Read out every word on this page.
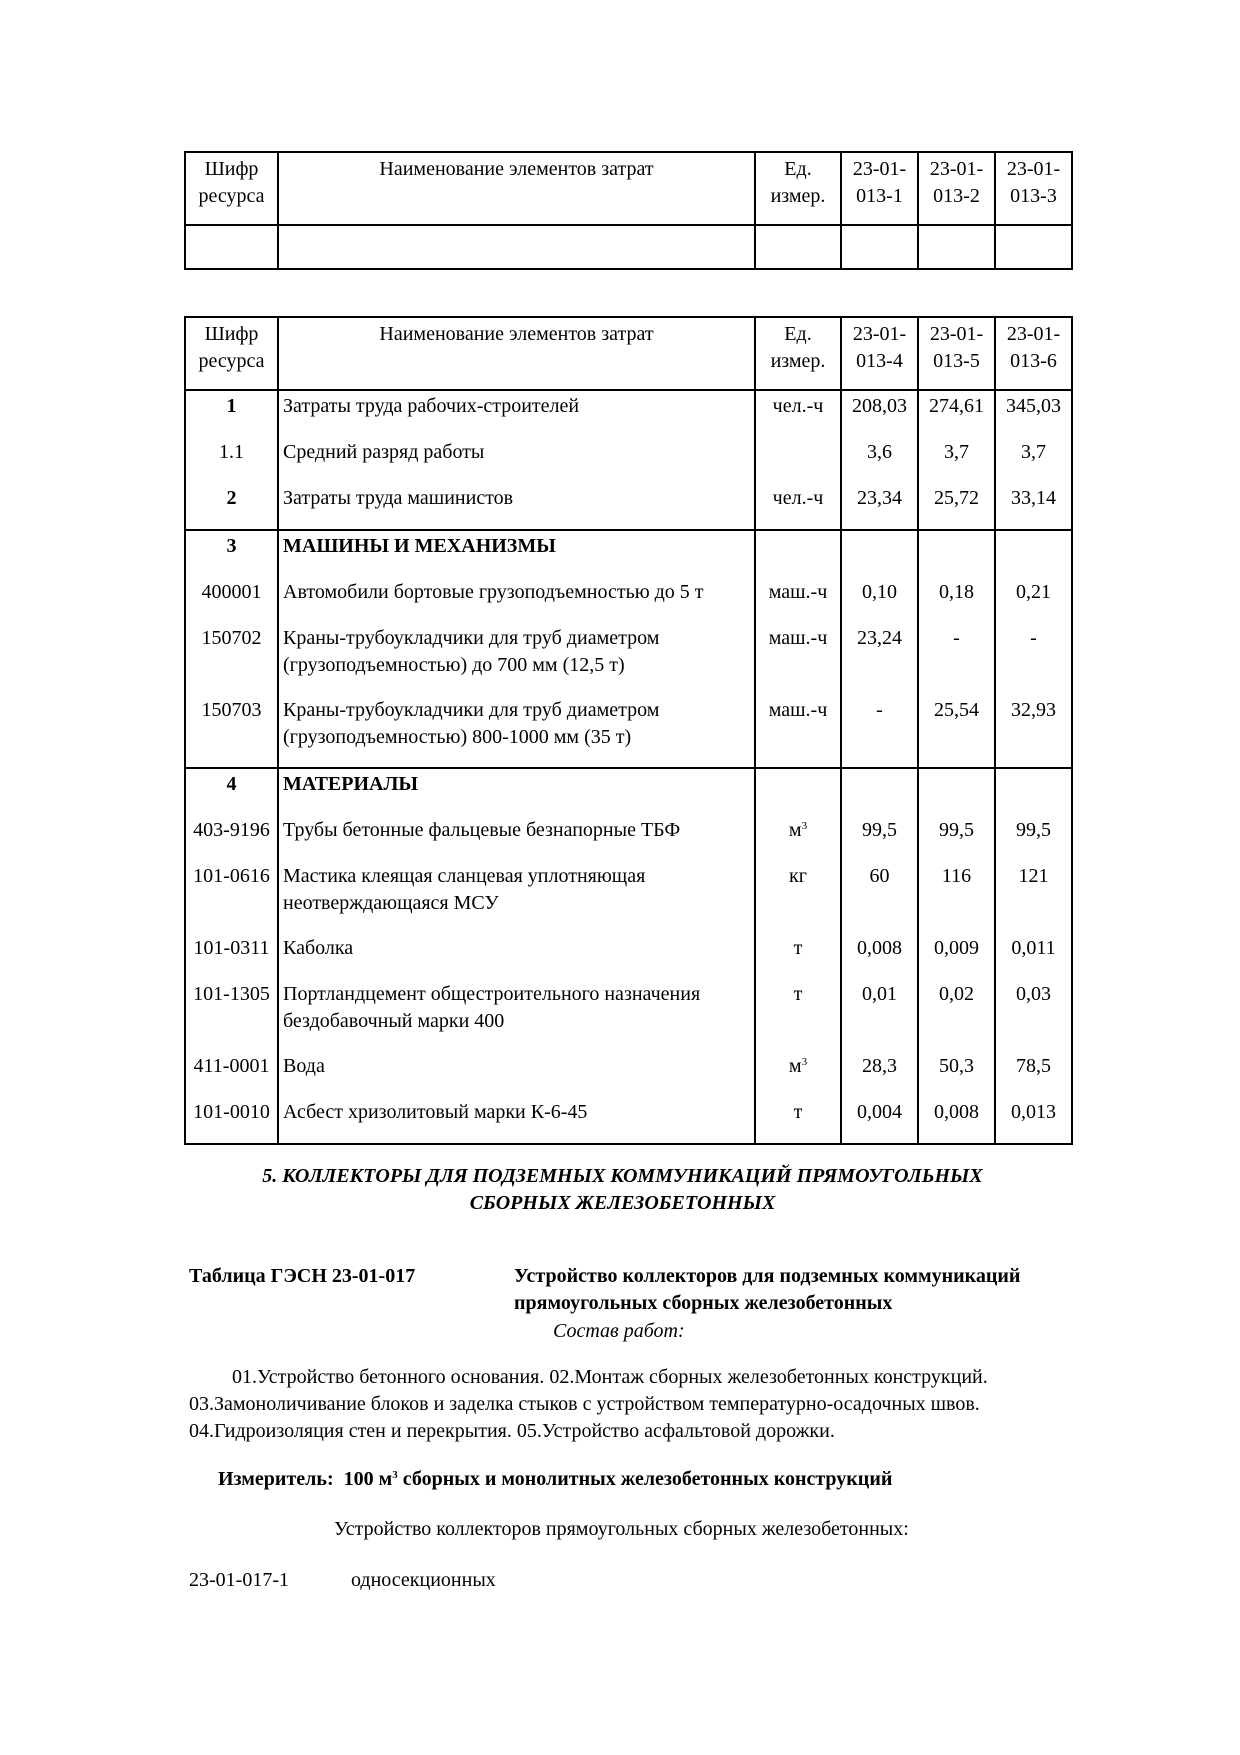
Шифр ресурса	Наименование элементов затрат	Ед. измер.	23-01-013-1	23-01-013-2	23-01-013-3

Шифр ресурса	Наименование элементов затрат	Ед. измер.	23-01-013-4	23-01-013-5	23-01-013-6
1	Затраты труда рабочих-строителей	чел.-ч	208,03	274,61	345,03
1.1	Средний разряд работы		3,6	3,7	3,7
2	Затраты труда машинистов	чел.-ч	23,34	25,72	33,14
3	МАШИНЫ И МЕХАНИЗМЫ				
400001	Автомобили бортовые грузоподъемностью до 5 т	маш.-ч	0,10	0,18	0,21
150702	Краны-трубоукладчики для труб диаметром (грузоподъемностью) до 700 мм (12,5 т)	маш.-ч	23,24	-	-
150703	Краны-трубоукладчики для труб диаметром (грузоподъемностью) 800-1000 мм (35 т)	маш.-ч	-	25,54	32,93
4	МАТЕРИАЛЫ				
403-9196	Трубы бетонные фальцевые безнапорные ТБФ	$м^3$	99,5	99,5	99,5
101-0616	Мастика клеящая сланцевая уплотняющая неотверждающаяся МСУ	кг	60	116	121
101-0311	Каболка	т	0,008	0,009	0,011
101-1305	Портландцемент общестроительного назначения бездобавочный марки 400	т	0,01	0,02	0,03
411-0001	Вода	$м^3$	28,3	50,3	78,5
101-0010	Асбест хризолитовый марки К-6-45	т	0,004	0,008	0,013
5. КОЛЛЕКТОРЫ ДЛЯ ПОДЗЕМНЫХ КОММУНИКАЦИЙ ПРЯМОУГОЛЬНЫХ
СБОРНЫХ ЖЕЛЕЗОБЕТОННЫХ
Таблица ГЭСН 23-01-017	Устройство коллекторов для подземных коммуникаций прямоугольных сборных железобетонных
Состав работ:
01.Устройство бетонного основания. 02.Монтаж сборных железобетонных конструкций.
03.Замоноличивание блоков и заделка стыков с устройством температурно-осадочных швов.
04.Гидроизоляция стен и перекрытия. 05.Устройство асфальтовой дорожки.
Измеритель: 100 $м^3$ сборных и монолитных железобетонных конструкций
Устройство коллекторов прямоугольных сборных железобетонных:
23-01-017-1	односекционных
